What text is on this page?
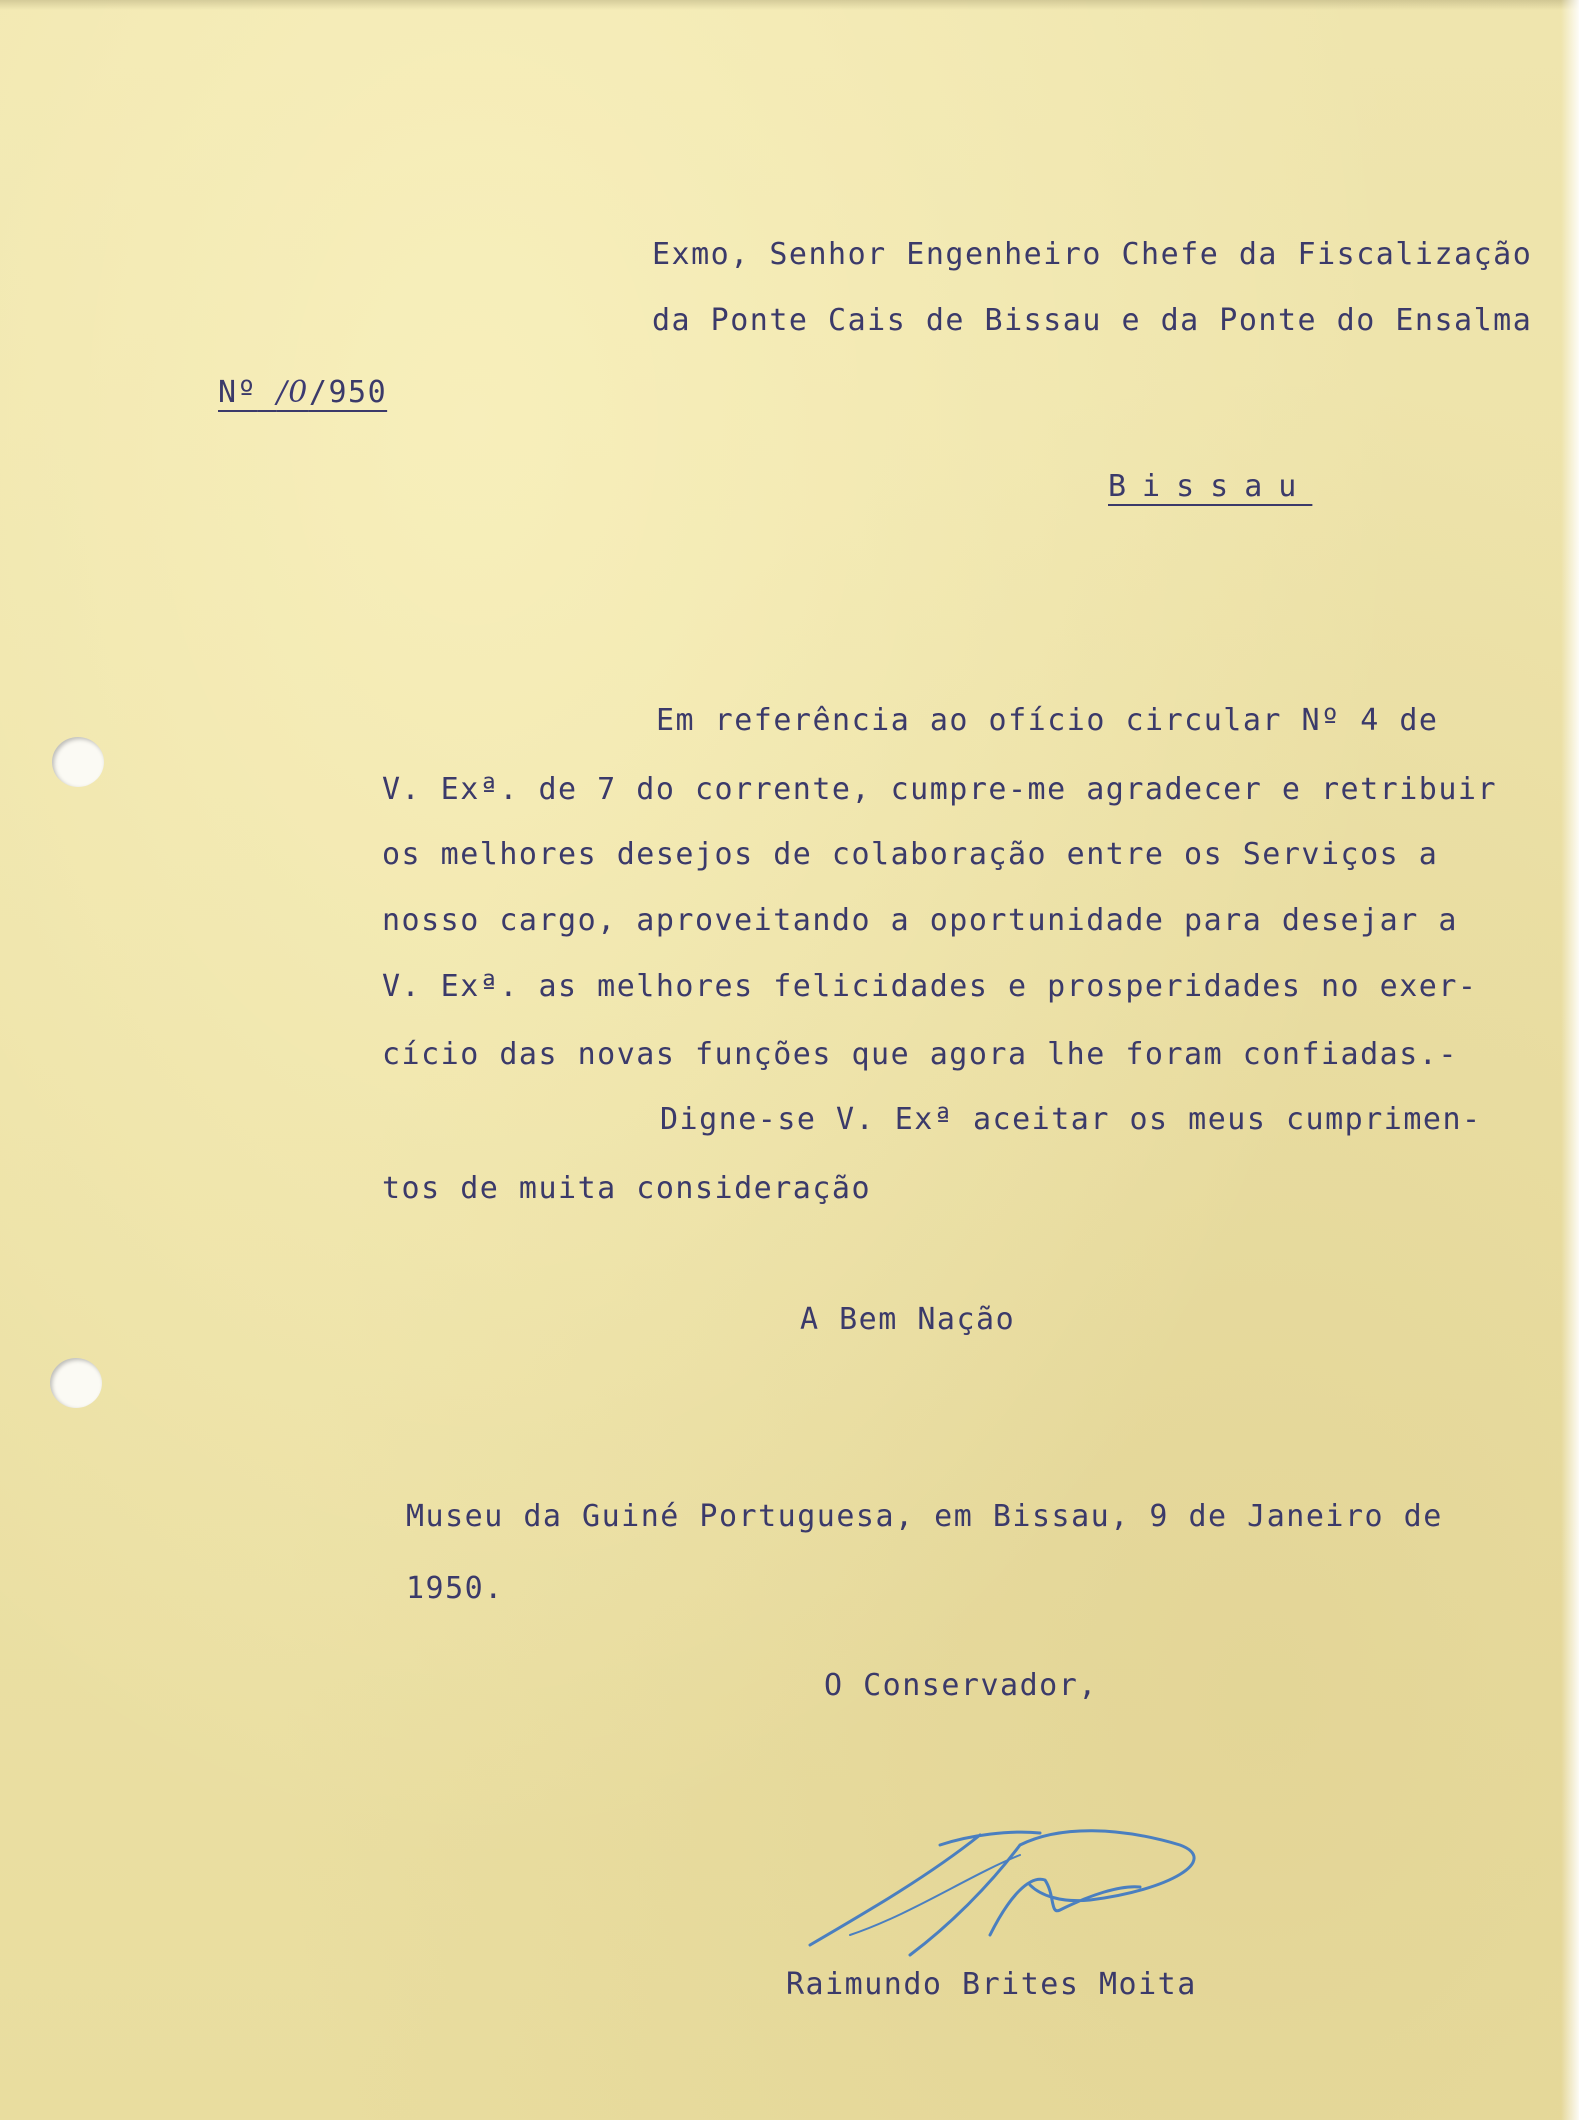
Exmo, Senhor Engenheiro Chefe da Fiscalização
da Ponte Cais de Bissau e da Ponte do Ensalma
Nº /0/950
Bissau
Em referência ao ofício circular Nº 4 de
V. Exª. de 7 do corrente, cumpre-me agradecer e retribuir
os melhores desejos de colaboração entre os Serviços a
nosso cargo, aproveitando a oportunidade para desejar a
V. Exª. as melhores felicidades e prosperidades no exer-
cício das novas funções que agora lhe foram confiadas.-
Digne-se V. Exª aceitar os meus cumprimen-
tos de muita consideração
A Bem Nação
Museu da Guiné Portuguesa, em Bissau, 9 de Janeiro de
1950.
O Conservador,
Raimundo Brites Moita
